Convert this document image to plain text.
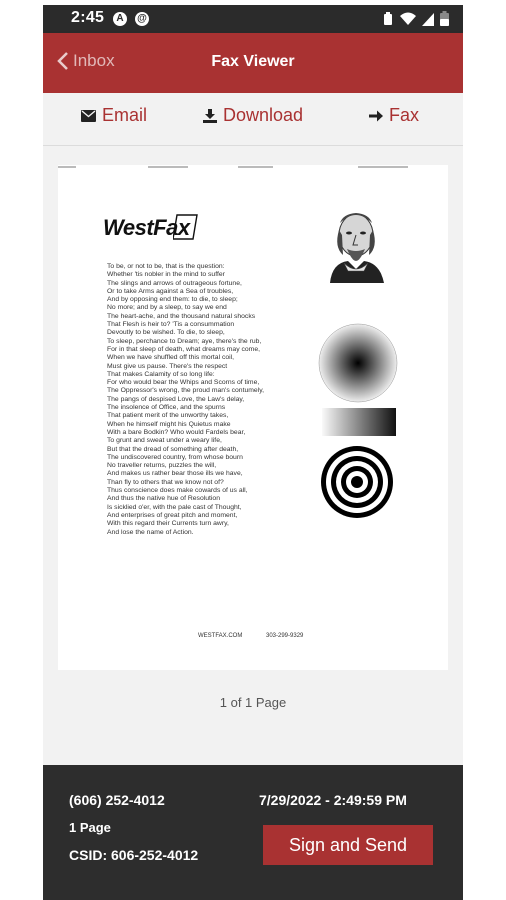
2:45	A	@
Inbox	Fax Viewer
Email	Download	Fax
WestFax
To be, or not to be, that is the question:
Whether 'tis nobler in the mind to suffer
The slings and arrows of outrageous fortune,
Or to take Arms against a Sea of troubles,
And by opposing end them: to die, to sleep;
No more; and by a sleep, to say we end
The heart-ache, and the thousand natural shocks
That Flesh is heir to? 'Tis a consummation
Devoutly to be wished. To die, to sleep,
To sleep, perchance to Dream; aye, there's the rub,
For in that sleep of death, what dreams may come,
When we have shuffled off this mortal coil,
Must give us pause. There's the respect
That makes Calamity of so long life:
For who would bear the Whips and Scorns of time,
The Oppressor's wrong, the proud man's contumely,
The pangs of despised Love, the Law's delay,
The insolence of Office, and the spurns
That patient merit of the unworthy takes,
When he himself might his Quietus make
With a bare Bodkin? Who would Fardels bear,
To grunt and sweat under a weary life,
But that the dread of something after death,
The undiscovered country, from whose bourn
No traveller returns, puzzles the will,
And makes us rather bear those ills we have,
Than fly to others that we know not of?
Thus conscience does make cowards of us all,
And thus the native hue of Resolution
Is sicklied o'er, with the pale cast of Thought,
And enterprises of great pitch and moment,
With this regard their Currents turn awry,
And lose the name of Action.
WESTFAX.COM	303-299-9329
1 of 1 Page
(606) 252-4012
1 Page
CSID: 606-252-4012
7/29/2022 - 2:49:59 PM
Sign and Send
